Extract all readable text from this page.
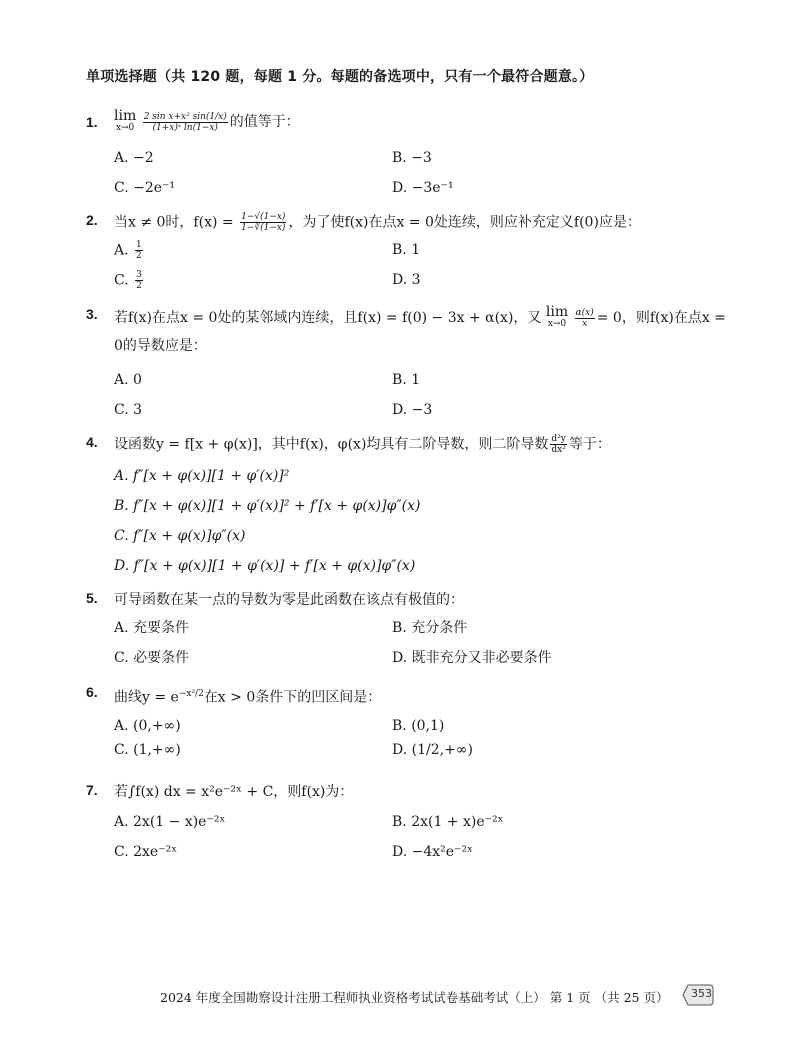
单项选择题（共 120 题，每题 1 分。每题的备选项中，只有一个最符合题意。）
1. lim
x→0
$\frac{\text{2 sin x+x² sin(1/x)}}{\text{(1+x)ˣ ln(1−x)}}$ 的值等于：
A. −2	B. −3
C. −2e⁻¹	D. −3e⁻¹
2. 当x ≠ 0时，$f(x) = \frac{1-√(1-x)}{1-∛(1-x)}$ ，为了使f(x)在点x = 0处连续，则应补充定义f(0)应是：
A. $\frac{1}{2}$	B. 1
C. $\frac{3}{2}$	D. 3
3. 若f(x)在点x = 0处的某邻域内连续，且f(x) = f(0) − 3x + α(x)，又 lim
x→0
$\frac{\alpha(x)}{x} = 0$，则f(x)在点x =
0的导数应是：
A. 0	B. 1
C. 3	D. −3
4. 设函数y = f[x + φ(x)]，其中f(x)，φ(x)均具有二阶导数，则二阶导数 $\frac{\text{d²y}}{\text{dx²}}$ 等于：
A. f″[x + φ(x)][1 + φ′(x)]²
B. f″[x + φ(x)][1 + φ′(x)]² + f′[x + φ(x)]φ″(x)
C. f″[x + φ(x)]φ″(x)
D. f″[x + φ(x)][1 + φ′(x)] + f′[x + φ(x)]φ″(x)
5. 可导函数在某一点的导数为零是此函数在该点有极值的：
A. 充要条件	B. 充分条件
C. 必要条件	D. 既非充分又非必要条件
6. 曲线$y = e^{-x^2/2}$在x > 0条件下的凹区间是：
A. (0,+∞)	B. (0,1)
C. (1,+∞)	D. (1/2,+∞)
7. 若∫f(x) dx = x²e⁻²ˣ + C，则f(x)为：
A. 2x(1 − x)e⁻²ˣ	B. 2x(1 + x)e⁻²ˣ
C. 2xe⁻²ˣ	D. −4x²e⁻²ˣ
2024 年度全国勘察设计注册工程师执业资格考试试卷基础考试（上） 第 1 页 （共 25 页） 353
